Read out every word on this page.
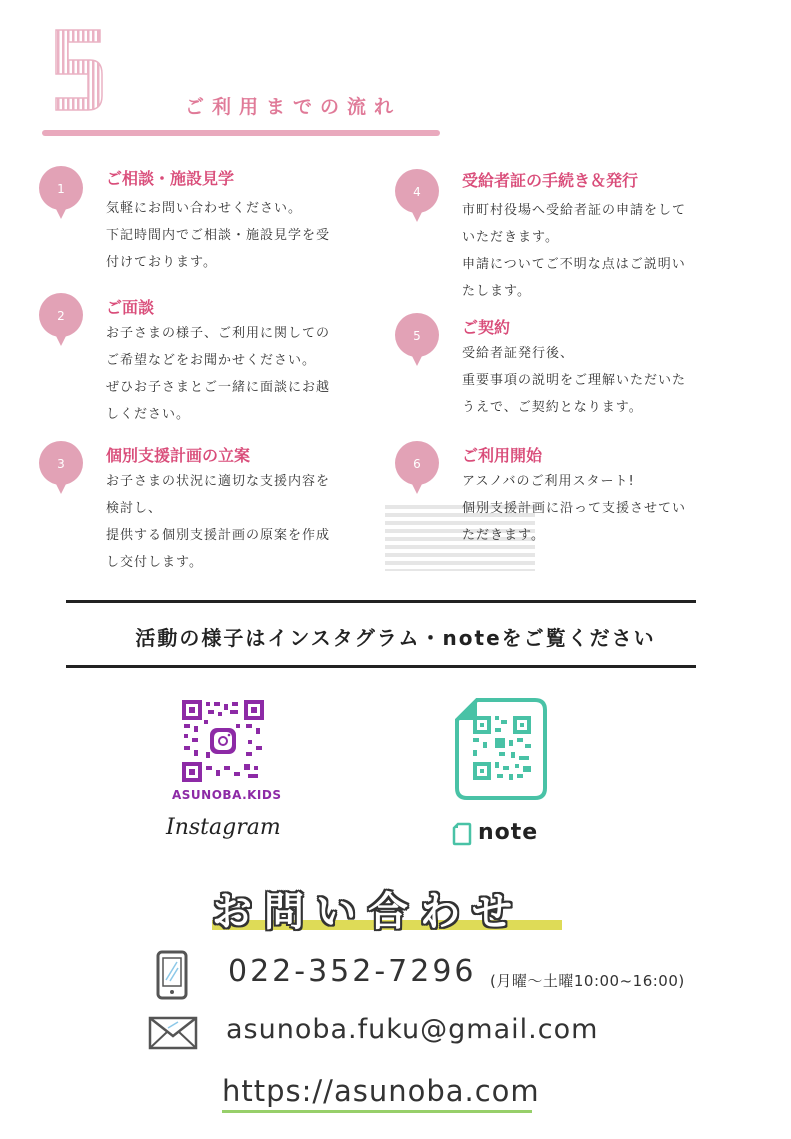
ご利用までの流れ
1
ご相談・施設見学
気軽にお問い合わせください。
下記時間内でご相談・施設見学を受
付けております。
2	ご面談
お子さまの様子、ご利用に関しての
ご希望などをお聞かせください。
ぜひお子さまとご一緒に面談にお越
しください。
3	個別支援計画の立案
お子さまの状況に適切な支援内容を
検討し、
提供する個別支援計画の原案を作成
し交付します。
4
受給者証の手続き＆発行
市町村役場へ受給者証の申請をして
いただきます。
申請についてご不明な点はご説明い
たします。
5	ご契約
受給者証発行後、
重要事項の説明をご理解いただいた
うえで、ご契約となります。
6	ご利用開始
アスノバのご利用スタート!
個別支援計画に沿って支援させてい
ただきます。
活動の様子はインスタグラム・noteをご覧ください
ASUNOBA.KIDS
Instagram	note
お問い合わせ
022-352-7296 (月曜〜土曜10:00~16:00)
asunoba.fuku@gmail.com
https://asunoba.com
